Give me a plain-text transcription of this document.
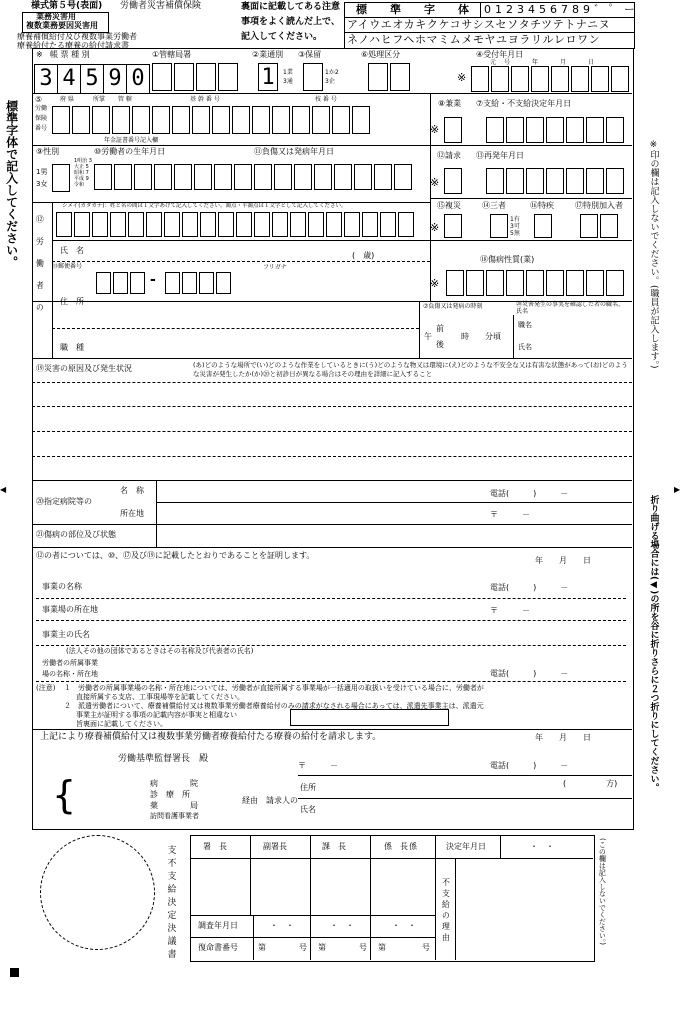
様式第５号(表面) 労働者災害補償保険
業務災害用
複数業務要因災害用
療養補償給付及び複数事業労働者
療養給付たる療養の給付請求書
裏面に記載してある注意
事項をよく読んだ上で、
記入してください。
標　準　字　体 0123456789゛゜ー
アイウエオカキクケコサシスセソタチツテトナニヌ
ネノハヒフヘホマミムメモヤユヨラリルレロワン
標準字体で記入してください。	※印の欄は記入しないでください。(職員が記入します。)
折り曲げる場合には(◀)の所を谷に折りさらに２つ折りにしてください。
◀	▶
※ 帳 票 種 別
3 4 5 9 0
①管轄局署	②業通別 ③保留
1	1業
3通
1か2
3企
⑥処理区分	④受付年月日
元号　年　月　日
※
⑤
労働
保険
番号
府 県	所掌 管 轄	基 幹 番 号	枝 番 号
年金証書番号記入欄
⑧兼業 ⑦支給・不支給決定年月日
※
⑨性別
1男
3女
⑩労働者の生年月日
1明治 3大正 5昭和 7平成 9令和
⑪負傷又は発病年月日	⑫請求 ⑬再発年月日
※
シメイ(カタカナ)：姓と名の間は１文字あけて記入してください。濁点・半濁点は１文字として記入してください。
⑫労働者の
⑮複災	⑭三者	⑯特疾	⑰特別加入者
※
1有 3可 5無
氏　名
(　歳)
⑬郵便番号	フリガナ
-
住　所
⑱傷病性質(業)
※
⑦負傷又は発病の時刻	⑳災害発生の事実を確認した者の職名、氏名
前
午
後
時 分頃
職名
氏名
職　種
⑲災害の原因及び発生状況	(あ)どのような場所で(い)どのような作業をしているときに(う)どのような物又は環境に(え)どのような不安全な又は有害な状態があって(お)どのような災害が発生したか(か)⑳と初診日が異なる場合はその理由を詳細に記入すること
⑳指定病院等の
名　称
所在地
電話(　　　)　　　－
〒　　　－
㉑傷病の部位及び状態
⑫の者については、⑩、⑰及び⑲に記載したとおりであることを証明します。
年　　月　　日
事業の名称	電話(　　　)　　　－
事業場の所在地	〒　　　－
事業主の氏名
(法人その他の団体であるときはその名称及び代表者の氏名)
労働者の所属事業
場の名称・所在地	電話(　　　)　　　－
(注意) １　労働者の所属事業場の名称・所在地については、労働者が直接所属する事業場が一括適用の取扱いを受けている場合に、労働者が
直接所属する支店、工事現場等を記載してください。
２　派遣労働者について、療養補償給付又は複数事業労働者療養給付のみの請求がなされる場合にあっては、派遣先事業主は、派遣元
事業主が証明する事項の記載内容が事実と相違ない
旨裏面に記載してください。
上記により療養補償給付又は複数事業労働者療養給付たる療養の給付を請求します。	年　　月　　日
労働基準監督署長　殿
〒　　　－	電話(　　　)　　　－
(　　　　　方)
病　　　　院
診　療　所
薬　　　　局
訪問看護事業者
経由
{	請求人の
住所
氏名
支不支給決定決議書	署　長	副署長	課　長	係　長 係	決定年月日	・　・
不支給の理由
調査年月日	・　・	・　・	・　・
復命書番号	第	号 第	号 第	号
(この欄は記入しないでください。)
